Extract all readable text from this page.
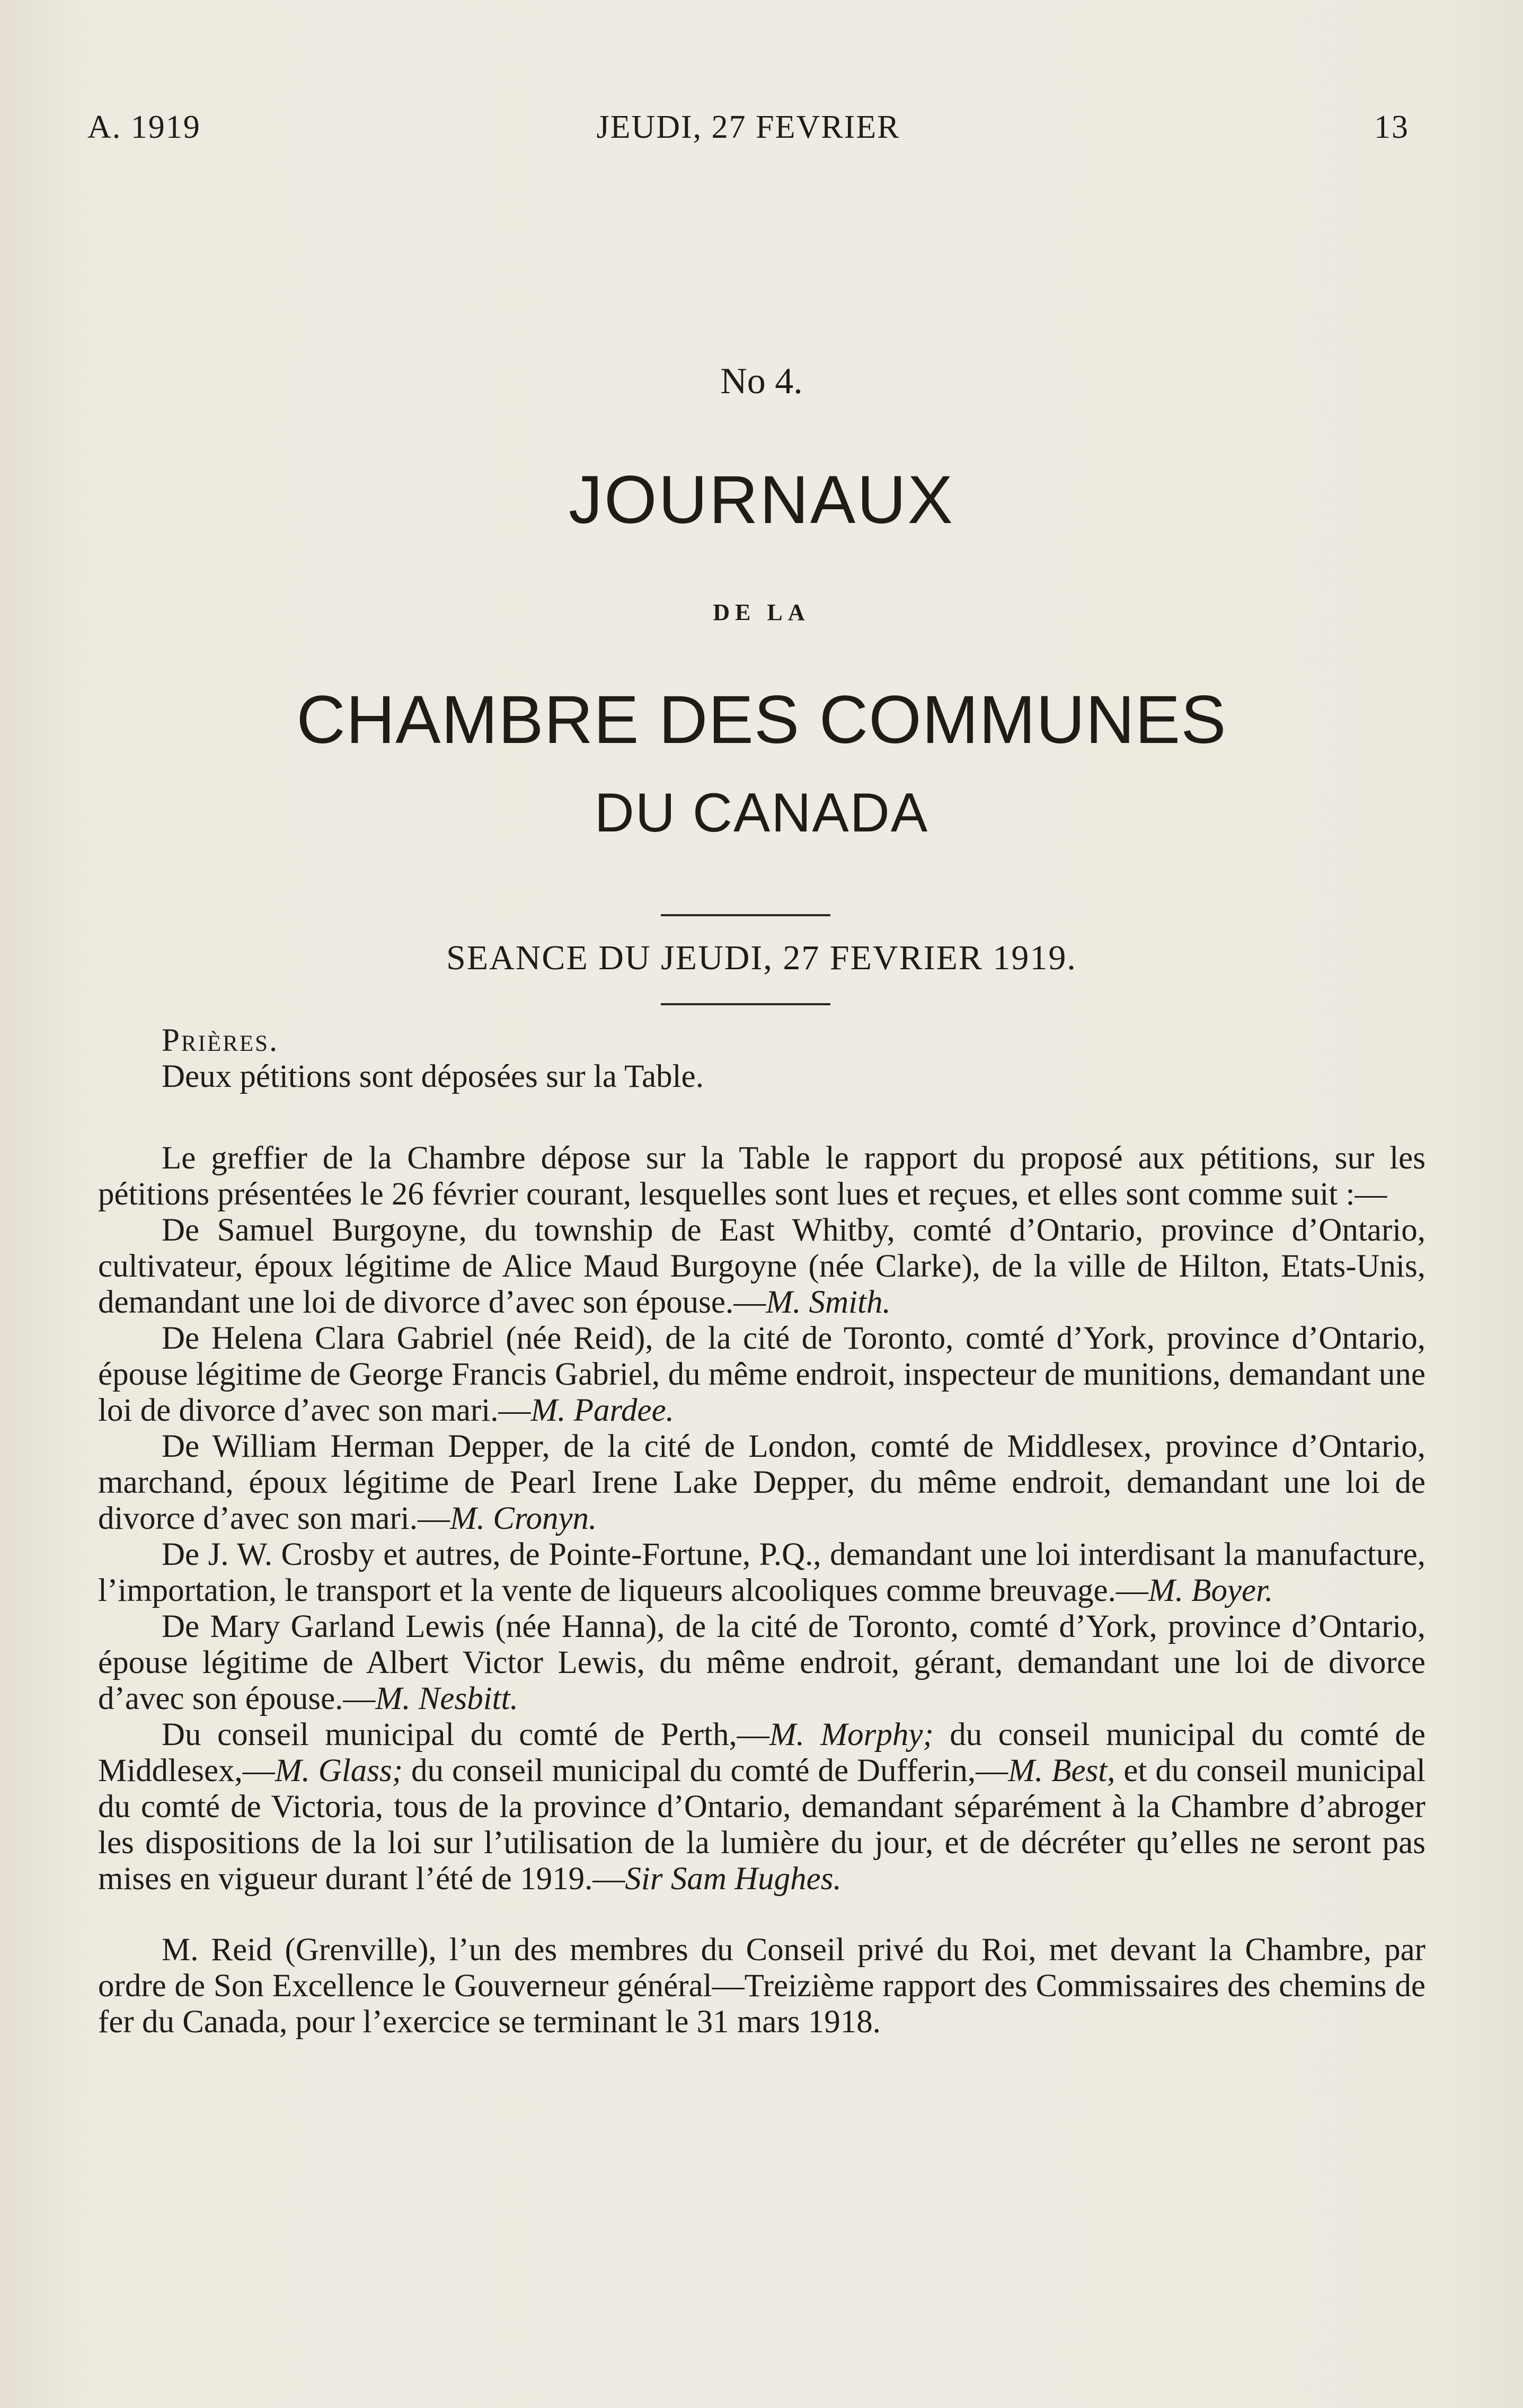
A. 1919	JEUDI, 27 FEVRIER	13
No 4.
JOURNAUX
DE LA
CHAMBRE DES COMMUNES
DU CANADA
SEANCE DU JEUDI, 27 FEVRIER 1919.

Prières.

Deux pétitions sont déposées sur la Table.

Le greffier de la Chambre dépose sur la Table le rapport du proposé aux pétitions, sur les pétitions présentées le 26 février courant, lesquelles sont lues et reçues, et elles sont comme suit :—

De Samuel Burgoyne, du township de East Whitby, comté d’Ontario, province d’Ontario, cultivateur, époux légitime de Alice Maud Burgoyne (née Clarke), de la ville de Hilton, Etats-Unis, demandant une loi de divorce d’avec son épouse.—M. Smith.

De Helena Clara Gabriel (née Reid), de la cité de Toronto, comté d’York, province d’Ontario, épouse légitime de George Francis Gabriel, du même endroit, inspecteur de munitions, demandant une loi de divorce d’avec son mari.—M. Pardee.

De William Herman Depper, de la cité de London, comté de Middlesex, province d’Ontario, marchand, époux légitime de Pearl Irene Lake Depper, du même endroit, demandant une loi de divorce d’avec son mari.—M. Cronyn.

De J. W. Crosby et autres, de Pointe-Fortune, P.Q., demandant une loi interdisant la manufacture, l’importation, le transport et la vente de liqueurs alcooliques comme breuvage.—M. Boyer.

De Mary Garland Lewis (née Hanna), de la cité de Toronto, comté d’York, province d’Ontario, épouse légitime de Albert Victor Lewis, du même endroit, gérant, demandant une loi de divorce d’avec son épouse.—M. Nesbitt.

Du conseil municipal du comté de Perth,—M. Morphy; du conseil municipal du comté de Middlesex,—M. Glass; du conseil municipal du comté de Dufferin,—M. Best, et du conseil municipal du comté de Victoria, tous de la province d’Ontario, demandant séparément à la Chambre d’abroger les dispositions de la loi sur l’utilisation de la lumière du jour, et de décréter qu’elles ne seront pas mises en vigueur durant l’été de 1919.—Sir Sam Hughes.

M. Reid (Grenville), l’un des membres du Conseil privé du Roi, met devant la Chambre, par ordre de Son Excellence le Gouverneur général—Treizième rapport des Commissaires des chemins de fer du Canada, pour l’exercice se terminant le 31 mars 1918.
